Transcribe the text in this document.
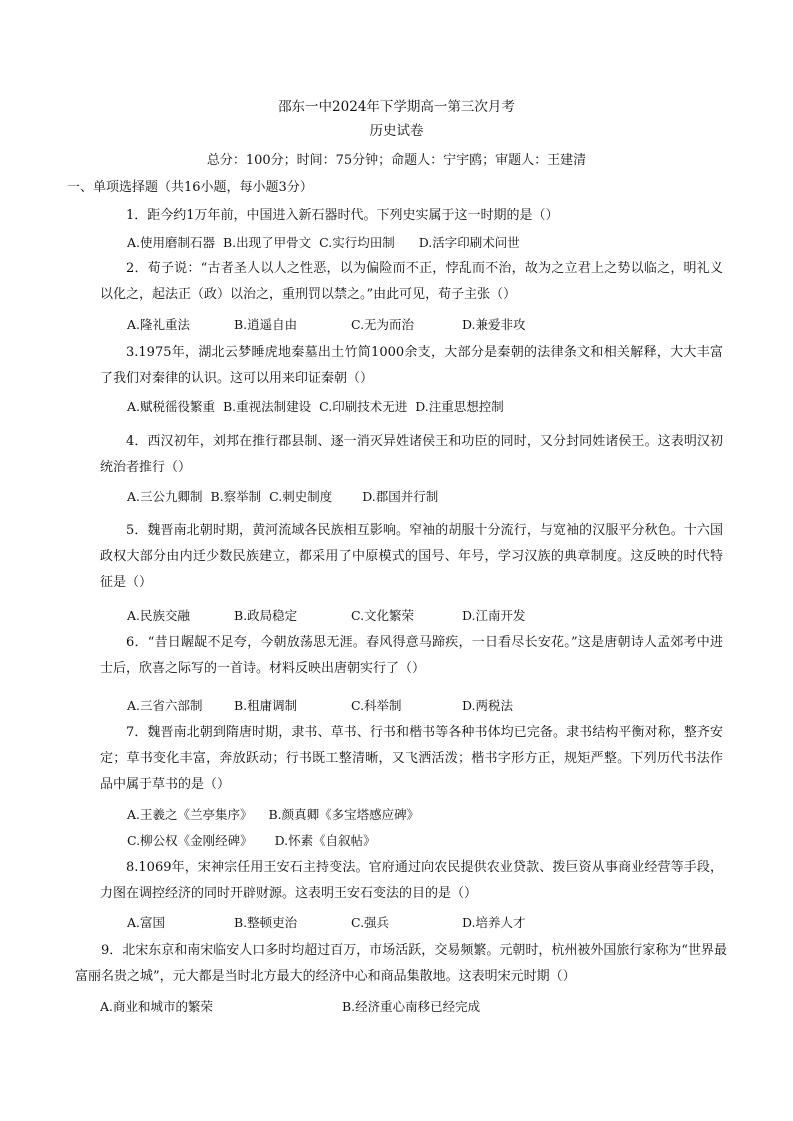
邵东一中2024年下学期高一第三次月考
历史试卷
总分：100分；时间：75分钟；命题人：宁宇鸥；审题人：王建清
一、单项选择题（共16小题，每小题3分）
1．距今约1万年前，中国进入新石器时代。下列史实属于这一时期的是（）
A.使用磨制石器 B.出现了甲骨文 C.实行均田制 D.活字印刷术问世
2．荀子说：“古者圣人以人之性恶，以为偏险而不正，悖乱而不治，故为之立君上之势以临之，明礼义以化之，起法正（政）以治之，重刑罚以禁之。”由此可见，荀子主张（）
A.隆礼重法	B.逍遥自由	C.无为而治	D.兼爱非攻
3.1975年，湖北云梦睡虎地秦墓出土竹简1000余支，大部分是秦朝的法律条文和相关解释，大大丰富了我们对秦律的认识。这可以用来印证秦朝（）
A.赋税徭役繁重 B.重视法制建设 C.印刷技术无进 D.注重思想控制
4．西汉初年，刘邦在推行郡县制、逐一消灭异姓诸侯王和功臣的同时，又分封同姓诸侯王。这表明汉初统治者推行（）
A.三公九卿制 B.察举制 C.刺史制度 D.郡国并行制
5．魏晋南北朝时期，黄河流域各民族相互影响。窄袖的胡服十分流行，与宽袖的汉服平分秋色。十六国政权大部分由内迁少数民族建立，都采用了中原模式的国号、年号，学习汉族的典章制度。这反映的时代特征是（）
A.民族交融	B.政局稳定	C.文化繁荣	D.江南开发
6．“昔日龌龊不足夸，今朝放荡思无涯。春风得意马蹄疾，一日看尽长安花。”这是唐朝诗人孟郊考中进士后，欣喜之际写的一首诗。材料反映出唐朝实行了（）
A.三省六部制	B.租庸调制	C.科举制	D.两税法
7．魏晋南北朝到隋唐时期，隶书、草书、行书和楷书等各种书体均已完备。隶书结构平衡对称，整齐安定；草书变化丰富，奔放跃动；行书既工整清晰，又飞洒活泼；楷书字形方正，规矩严整。下列历代书法作品中属于草书的是（）
A.王羲之《兰亭集序》 B.颜真卿《多宝塔感应碑》
C.柳公权《金刚经碑》 D.怀素《自叙帖》
8.1069年，宋神宗任用王安石主持变法。官府通过向农民提供农业贷款、拨巨资从事商业经营等手段，力图在调控经济的同时开辟财源。这表明王安石变法的目的是（）
A.富国	B.整顿吏治	C.强兵	D.培养人才
9．北宋东京和南宋临安人口多时均超过百万，市场活跃，交易频繁。元朝时，杭州被外国旅行家称为“世界最富丽名贵之城”，元大都是当时北方最大的经济中心和商品集散地。这表明宋元时期（）
A.商业和城市的繁荣	B.经济重心南移已经完成
